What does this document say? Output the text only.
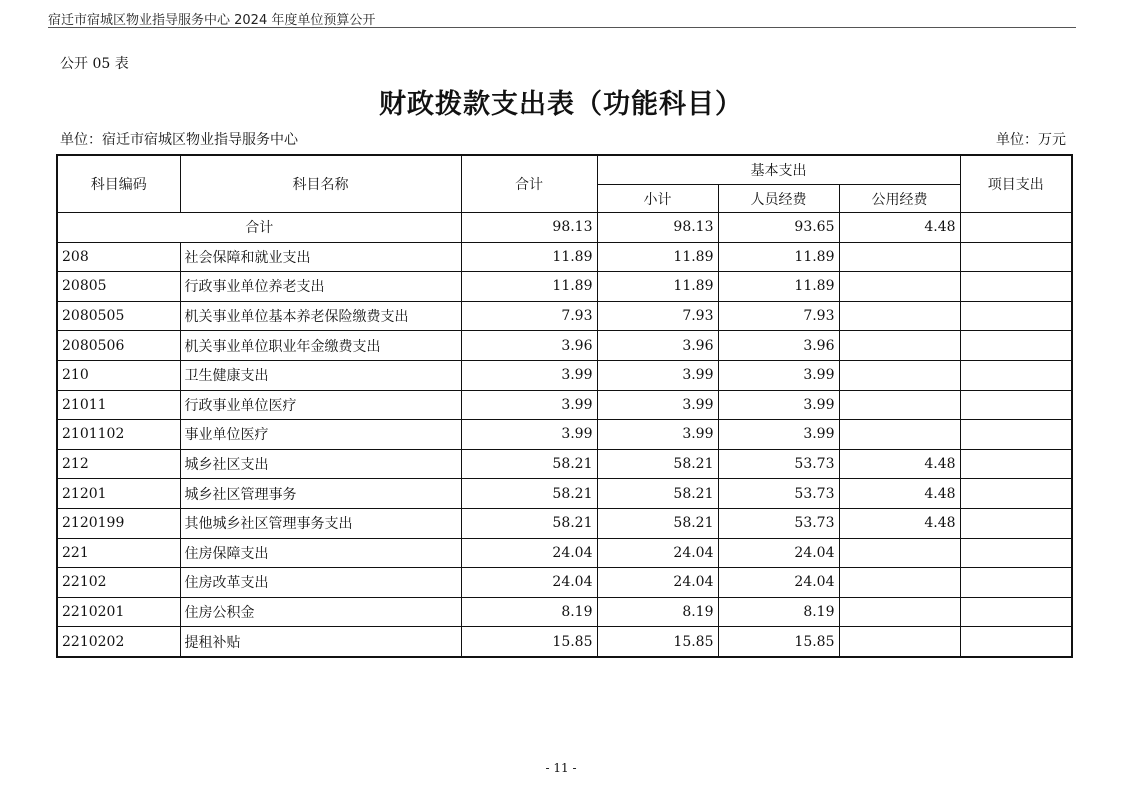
宿迁市宿城区物业指导服务中心 2024 年度单位预算公开
公开 05 表
财政拨款支出表（功能科目）
单位：宿迁市宿城区物业指导服务中心	单位：万元
科目编码	科目名称	合计	基本支出			项目支出
			小计	人员经费	公用经费	
合计		98.13	98.13	93.65	4.48	
208	社会保障和就业支出	11.89	11.89	11.89		
20805	行政事业单位养老支出	11.89	11.89	11.89		
2080505	机关事业单位基本养老保险缴费支出	7.93	7.93	7.93		
2080506	机关事业单位职业年金缴费支出	3.96	3.96	3.96		
210	卫生健康支出	3.99	3.99	3.99		
21011	行政事业单位医疗	3.99	3.99	3.99		
2101102	事业单位医疗	3.99	3.99	3.99		
212	城乡社区支出	58.21	58.21	53.73	4.48	
21201	城乡社区管理事务	58.21	58.21	53.73	4.48	
2120199	其他城乡社区管理事务支出	58.21	58.21	53.73	4.48	
221	住房保障支出	24.04	24.04	24.04		
22102	住房改革支出	24.04	24.04	24.04		
2210201	住房公积金	8.19	8.19	8.19		
2210202	提租补贴	15.85	15.85	15.85		
- 11 -
